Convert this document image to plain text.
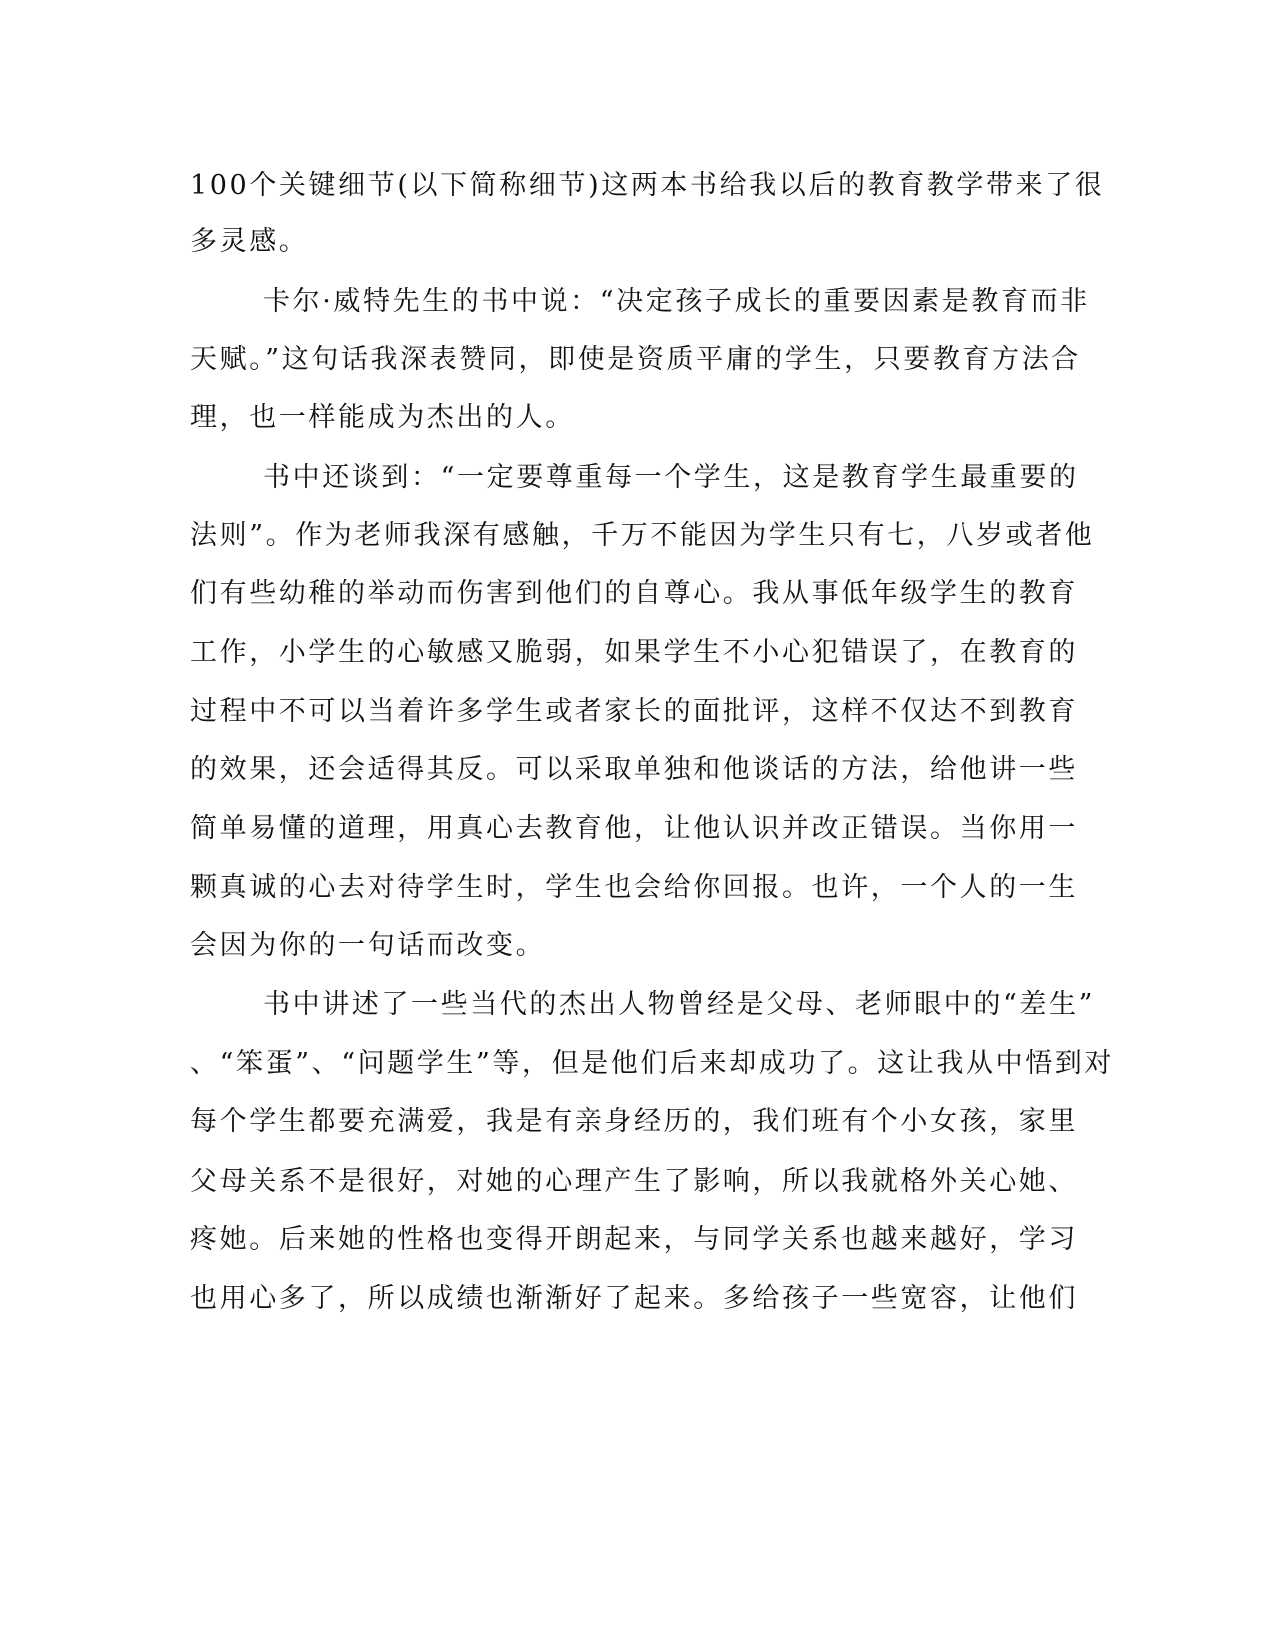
100个关键细节(以下简称细节)这两本书给我以后的教育教学带来了很
多灵感。
卡尔·威特先生的书中说：“决定孩子成长的重要因素是教育而非
天赋。”这句话我深表赞同，即使是资质平庸的学生，只要教育方法合
理，也一样能成为杰出的人。
书中还谈到：“一定要尊重每一个学生，这是教育学生最重要的
法则”。作为老师我深有感触，千万不能因为学生只有七，八岁或者他
们有些幼稚的举动而伤害到他们的自尊心。我从事低年级学生的教育
工作，小学生的心敏感又脆弱，如果学生不小心犯错误了，在教育的
过程中不可以当着许多学生或者家长的面批评，这样不仅达不到教育
的效果，还会适得其反。可以采取单独和他谈话的方法，给他讲一些
简单易懂的道理，用真心去教育他，让他认识并改正错误。当你用一
颗真诚的心去对待学生时，学生也会给你回报。也许，一个人的一生
会因为你的一句话而改变。
书中讲述了一些当代的杰出人物曾经是父母、老师眼中的“差生”
、“笨蛋”、“问题学生”等，但是他们后来却成功了。这让我从中悟到对
每个学生都要充满爱，我是有亲身经历的，我们班有个小女孩，家里
父母关系不是很好，对她的心理产生了影响，所以我就格外关心她、
疼她。后来她的性格也变得开朗起来，与同学关系也越来越好，学习
也用心多了，所以成绩也渐渐好了起来。多给孩子一些宽容，让他们
